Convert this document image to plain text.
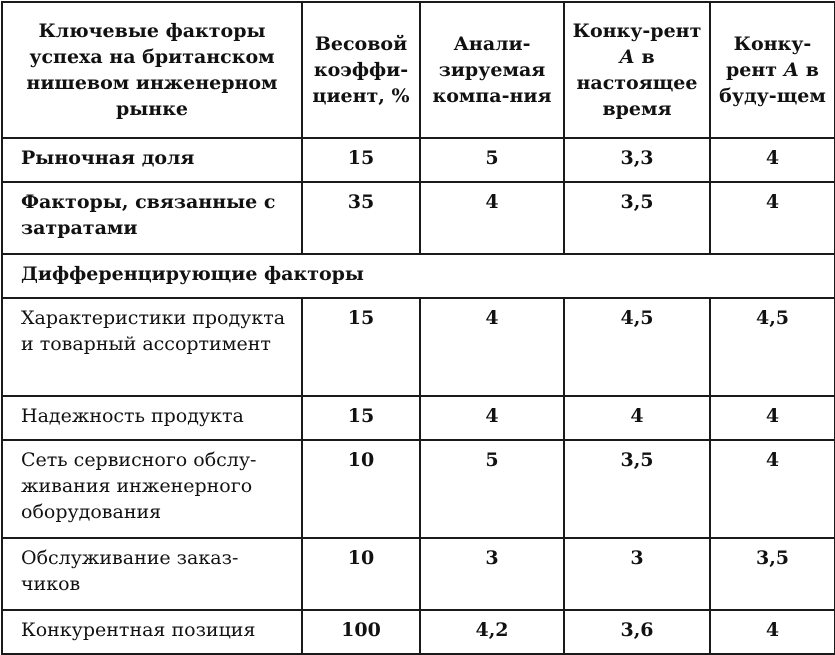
Ключевые факторы успеха на британском нишевом инженерном рынке	Весовой коэффи-циент, %	Анали-зируемая компа-ния	Конку-рент А в настоящее время	Конку-рент А в буду-щем
Рыночная доля	15	5	3,3	4
Факторы, связанные с затратами	35	4	3,5	4
Дифференцирующие факторы				
Характеристики продукта и товарный ассортимент	15	4	4,5	4,5
Надежность продукта	15	4	4	4
Сеть сервисного обслу-живания инженерного оборудования	10	5	3,5	4
Обслуживание заказ-чиков	10	3	3	3,5
Конкурентная позиция	100	4,2	3,6	4
